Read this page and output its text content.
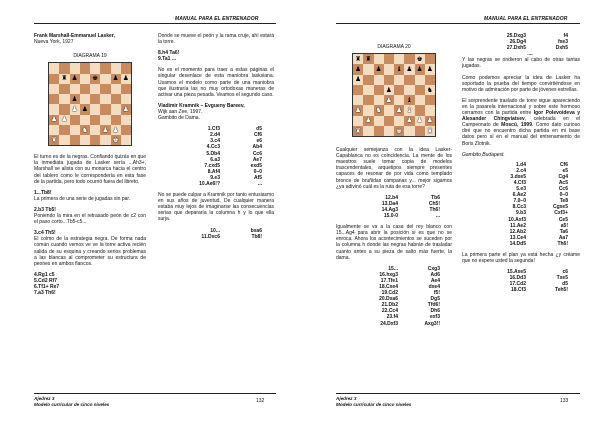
MANUAL PARA EL ENTRENADOR
Frank Marshall-Emmanuel Lasker,
Nueva York, 1927
DIAGRAMA 19
♜ ♟ ♚ ♟ ♟
♟
♟ ♟	♟
♟ ♟
♞ ♟ ♟
♜	♚

El turno es de la negras. Confiando quizás en que la inmediata jugada de Lasker sería ...Ah3+, Marshall se alista con su monarca hacia el centro del tablero como le correspondería en esta fase de la partida, pero todo ocurrió fuera del libreto.

1...Tb8!

La primera de una serie de jugadas sin par.

2.b3 Tb5!

Poniendo la mira en el retrasado peón de c2 con el paso corto...Tb5-c5...

3.c4 Th5!

El colmo de la estrategia negra. De forma nada común cuando vemos ve ve la torre activa recién salida de su esquina y creando serios problemas a las blancas al comprometer su estructura de peones en ambos flancos.

4.Rg1 c5
5.Cd2 Rf7
6.Tf1+ Re7
7.a3 Th6!

Donde se mueve el peón y la rama cruje, ahí estará la torre.

8.h4 Ta6!
9.Ta1 ...

No es el momento para traer a estas páginas el singular desenlace de esta maniobra lasksiana. Usamos el modelo como parte de una maniobra que ilustraría las no muy ortodoxas maneras de activar una pieza pesada. Veamos el segundo caso.

Vladimir Kramnik – Evgueny Bareev,
Wijk aan Zee, 1997.
Gambito de Dama.
1.Cf3	d5
2.d4	Cf6
3.c4	e6
4.Cc3	Ab4
5.Db4	Cc6
6.a3	Ae7
7.cxd5	exd5
8.Af4	0–0
9.e3	Af5
10.Ae6!?	...

No se puede culpar a Kramnik por tanto entusiasmo en sus años de juventud. De cualquier manera estaba muy lejos de imaginarse las consecuencias serias que depararía la columna h y lo que ella surja.

10...	bxa6
11.Dxc6	Tb8!
Ajedrez 3
Modelo curricular de cinco niveles
132
MANUAL PARA EL ENTRENADOR
DIAGRAMA 20
♜ ♜	♚
♟ ♟ ♝ ♟ ♟ ♟
♟
♟	♞
♟ ♝
♟ ♞ ♟ ♝
♟	♟ ♟ ♟
♜	♚	♜

Cualquier semejanza con la idea Lasker-Capablanca no es coincidencia. La mente de los maestros suele tomar copia de modelos trascendentales, arquetipos siempre presentes capaces de resonar de por vida como templado bronce de bruñidas campanas y... mejor sigamos ¿ya adivinó cuál es la ruta de esa torre?

12.b4	Tb6
13.Da4	Ch5!
14.Ag3	Th6!
15.0-0	...

Igualmente se va a la casa del rey blanco con 15...Ag4 para abrir la posición si es que no se enroca. Ahora los acontecimientos se suceden por la columna h donde las negras habrán de trasladar cuanto antes a su pieza de salto más fuerte, la dama.

15...	Cxg3
16.hxg3	Ad6
17.Tfe1	Ae4
18.Cxe4	dxe4
19.Cd2	f5!
20.Dxa6	Dg5
21.Db2	Tfd6!
22.Cc4	Dh6
23.f4	exf3
24.Dxf3	Axg3!!
25.Dxg3	f4
26.Dg4	fxe3
27.Dxh5	Dxh5
....

Y las negras se rindieron al cabo de otras tantas jugadas.

Como podemos apreciar la idea de Lasker ha soportado la prueba del tiempo convirtiéndose en motivo de admiración por parte de jóvenes estrellas.

El sorprendente traslado de torre sigue apareciendo en la pasarela internacional y sobre este hermoso cerramos con la partida entre Igor Polevoideva y Alexander Chingviatsev, celebrada en el Campeonato de Moscú, 1999. Como dato curioso diré que no encuentro dicha partida en mi base datos pero sí en el manual del entrenamiento de Boris Zlotnik.

Gambito Budapest.
1.d4	Cf6
2.c4	e5
3.dxe5	Cg4
4.Cf3	Ac5
5.e3	Cc6
6.Ae2	0–0
7.0–0	Te8
8.Cc3	Cgxe5
9.b3	Cxf3+
10.Axf3	Ce5
11.Ae2	a5!
12.Ab2	Ta6
13.Ce4	Aa7
14.Dd5	Th6!

La primera parte el plan ya está hecha ¿y créame que no espere usted la segunda!

15.Axe5	c6
16.Dd3	Txe5
17.Cd2	d5
18.Cf3	Teh5!
Ajedrez 3
Modelo curricular de cinco niveles
133
